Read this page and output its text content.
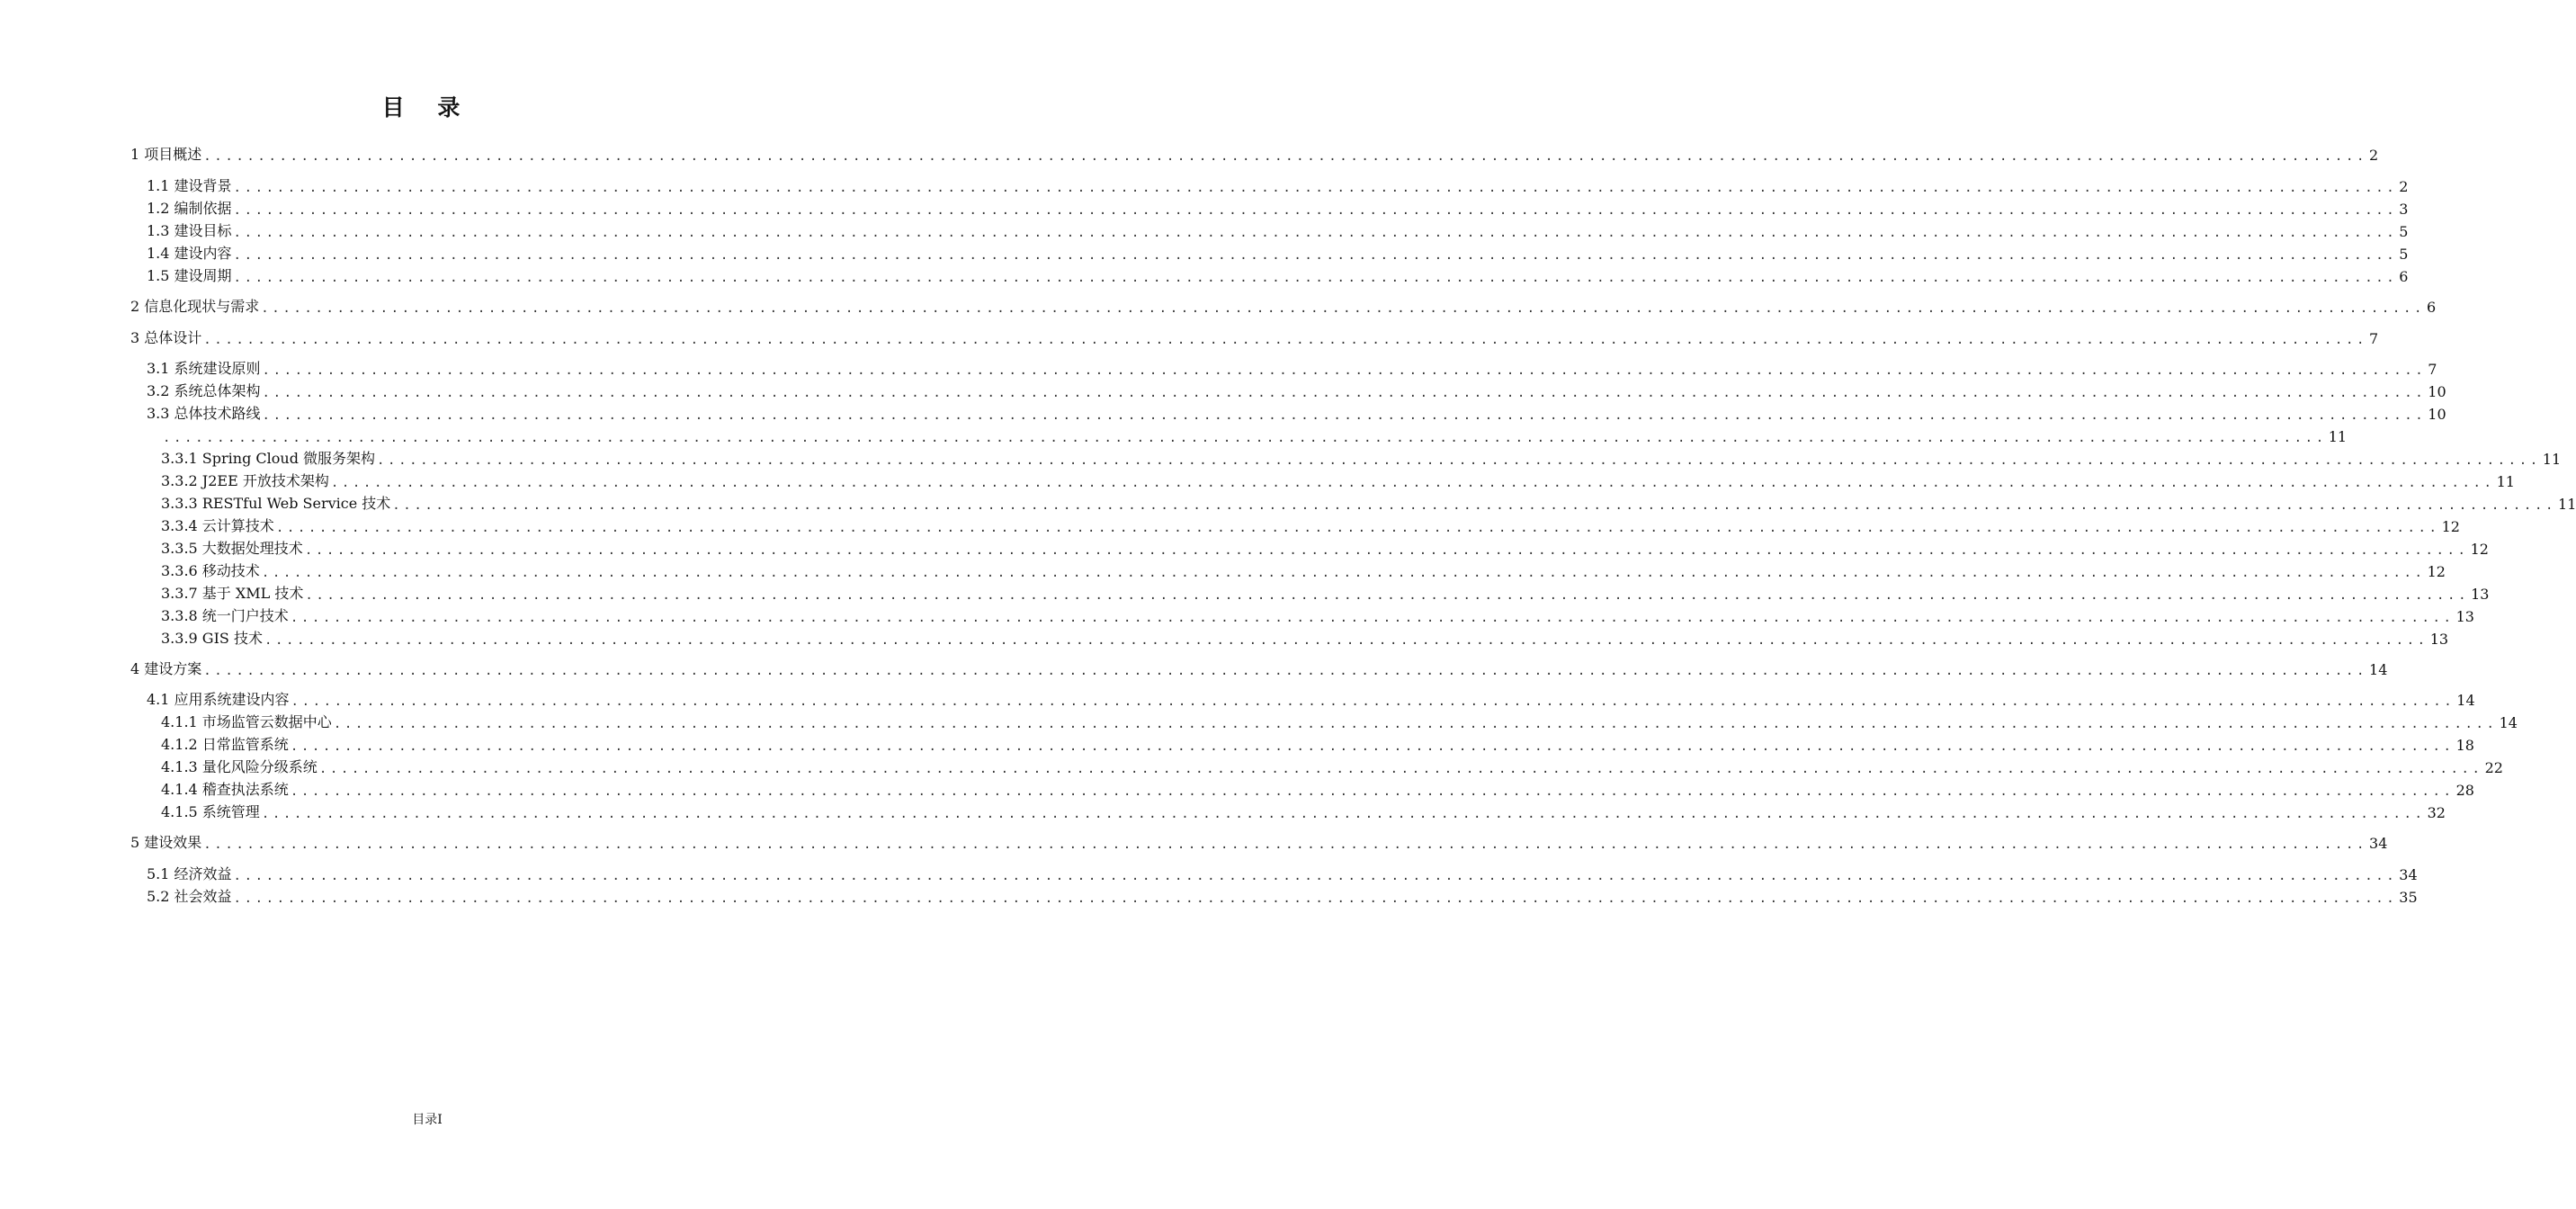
目 录
1 项目概述 ........................................................................................................................................................................................................ 2
1.1 建设背景 ........................................................................................................................................................................................................ 2
1.2 编制依据 ........................................................................................................................................................................................................ 3
1.3 建设目标 ........................................................................................................................................................................................................ 5
1.4 建设内容 ........................................................................................................................................................................................................ 5
1.5 建设周期 ........................................................................................................................................................................................................ 6
2 信息化现状与需求 ........................................................................................................................................................................................................ 6
3 总体设计 ........................................................................................................................................................................................................ 7
3.1 系统建设原则 ........................................................................................................................................................................................................ 7
3.2 系统总体架构 ........................................................................................................................................................................................................ 10
3.3 总体技术路线 ........................................................................................................................................................................................................ 10
........................................................................................................................................................................................................ 11
3.3.1 Spring Cloud 微服务架构 ........................................................................................................................................................................................................ 11
3.3.2 J2EE 开放技术架构 ........................................................................................................................................................................................................ 11
3.3.3 RESTful Web Service 技术 ........................................................................................................................................................................................................ 11
3.3.4 云计算技术 ........................................................................................................................................................................................................ 12
3.3.5 大数据处理技术 ........................................................................................................................................................................................................ 12
3.3.6 移动技术 ........................................................................................................................................................................................................ 12
3.3.7 基于 XML 技术 ........................................................................................................................................................................................................ 13
3.3.8 统一门户技术 ........................................................................................................................................................................................................ 13
3.3.9 GIS 技术 ........................................................................................................................................................................................................ 13
4 建设方案 ........................................................................................................................................................................................................ 14
4.1 应用系统建设内容 ........................................................................................................................................................................................................ 14
4.1.1 市场监管云数据中心 ........................................................................................................................................................................................................ 14
4.1.2 日常监管系统 ........................................................................................................................................................................................................ 18
4.1.3 量化风险分级系统 ........................................................................................................................................................................................................ 22
4.1.4 稽查执法系统 ........................................................................................................................................................................................................ 28
4.1.5 系统管理 ........................................................................................................................................................................................................ 32
5 建设效果 ........................................................................................................................................................................................................ 34
5.1 经济效益 ........................................................................................................................................................................................................ 34
5.2 社会效益 ........................................................................................................................................................................................................ 35
目录I
